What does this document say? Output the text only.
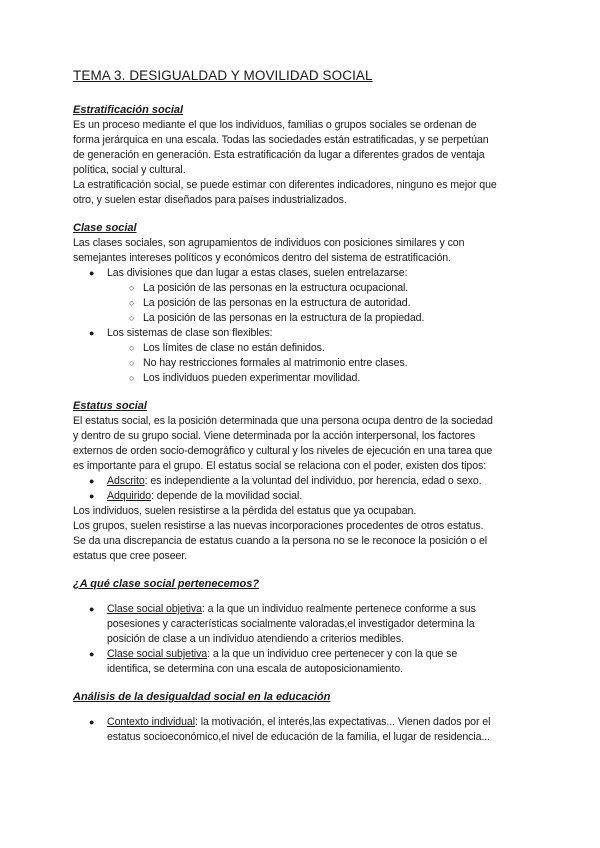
TEMA 3. DESIGUALDAD Y MOVILIDAD SOCIAL
Estratificación social

Es un proceso mediante el que los individuos, familias o grupos sociales se ordenan de

forma jerárquica en una escala. Todas las sociedades están estratificadas, y se perpetúan

de generación en generación. Esta estratificación da lugar a diferentes grados de ventaja

política, social y cultural.

La estratificación social, se puede estimar con diferentes indicadores, ninguno es mejor que

otro, y suelen estar diseñados para países industrializados.

Clase social

Las clases sociales, son agrupamientos de individuos con posiciones similares y con

semejantes intereses políticos y económicos dentro del sistema de estratificación.

● Las divisiones que dan lugar a estas clases, suelen entrelazarse:
○ La posición de las personas en la estructura ocupacional.
○ La posición de las personas en la estructura de autoridad.
○ La posición de las personas en la estructura de la propiedad.
● Los sistemas de clase son flexibles:
○ Los límites de clase no están definidos.
○ No hay restricciones formales al matrimonio entre clases.
○ Los individuos pueden experimentar movilidad.
Estatus social

El estatus social, es la posición determinada que una persona ocupa dentro de la sociedad

y dentro de su grupo social. Viene determinada por la acción interpersonal, los factores

externos de orden socio-demográfico y cultural y los niveles de ejecución en una tarea que

es importante para el grupo. El estatus social se relaciona con el poder, existen dos tipos:

● Adscrito: es independiente a la voluntad del individuo, por herencia, edad o sexo.
● Adquirido: depende de la movilidad social.

Los individuos, suelen resistirse a la pérdida del estatus que ya ocupaban.

Los grupos, suelen resistirse a las nuevas incorporaciones procedentes de otros estatus.

Se da una discrepancia de estatus cuando a la persona no se le reconoce la posición o el

estatus que cree poseer.

¿A qué clase social pertenecemos?
● Clase social objetiva: a la que un individuo realmente pertenece conforme a sus
posesiones y características socialmente valoradas,el investigador determina la
posición de clase a un individuo atendiendo a criterios medibles.
● Clase social subjetiva: a la que un individuo cree pertenecer y con la que se
identifica, se determina con una escala de autoposicionamiento.
Análisis de la desigualdad social en la educación
● Contexto individual: la motivación, el interés,las expectativas... Vienen dados por el
estatus socioeconómico,el nivel de educación de la familia, el lugar de residencia...
